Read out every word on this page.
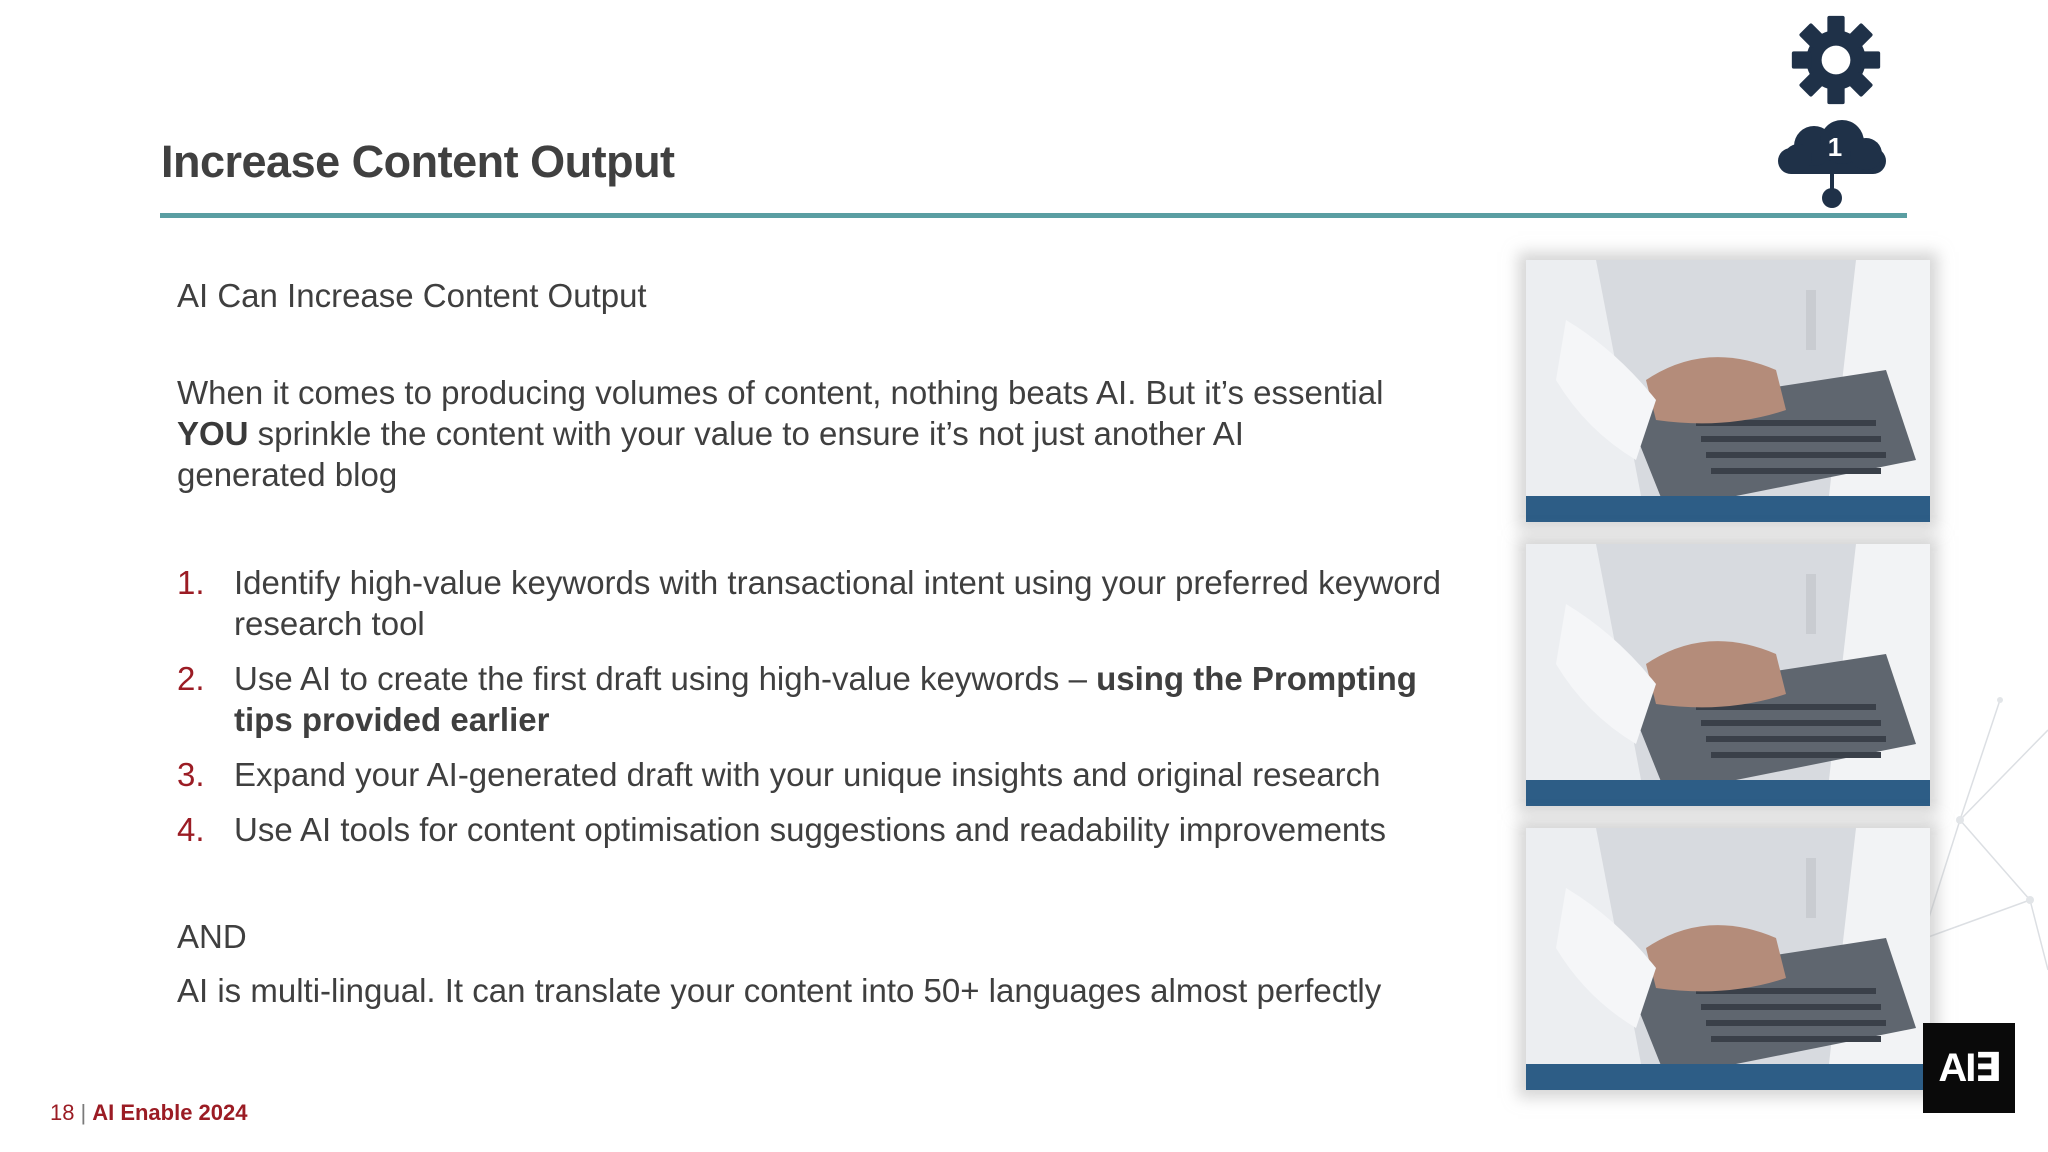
Increase Content Output	1
AI Can Increase Content Output
When it comes to producing volumes of content, nothing beats AI. But it’s essential
YOU sprinkle the content with your value to ensure it’s not just another AI
generated blog
1. Identify high-value keywords with transactional intent using your preferred keyword research tool
2. Use AI to create the first draft using high-value keywords – using the Prompting tips provided earlier
3. Expand your AI-generated draft with your unique insights and original research
4. Use AI tools for content optimisation suggestions and readability improvements
AND
AI is multi-lingual. It can translate your content into 50+ languages almost perfectly
AI∃
18 | AI Enable 2024
